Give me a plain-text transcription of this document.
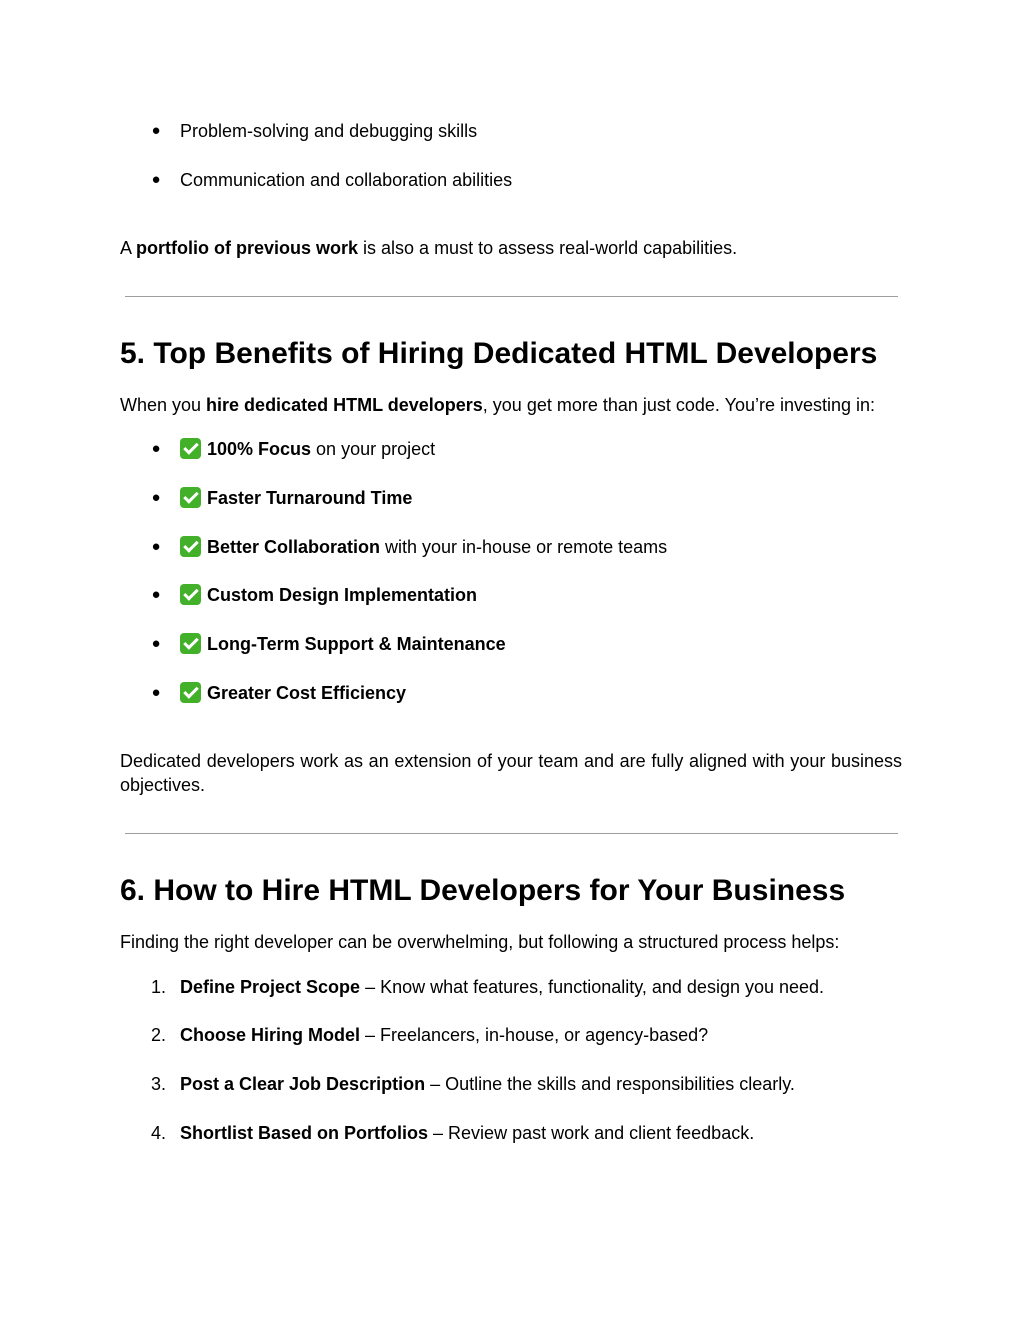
● Problem-solving and debugging skills
● Communication and collaboration abilities
A portfolio of previous work is also a must to assess real-world capabilities.
5. Top Benefits of Hiring Dedicated HTML Developers
When you hire dedicated HTML developers, you get more than just code. You’re investing in:
●	100% Focus on your project
●	Faster Turnaround Time
●	Better Collaboration with your in-house or remote teams
●	Custom Design Implementation
●	Long-Term Support & Maintenance
●	Greater Cost Efficiency
Dedicated developers work as an extension of your team and are fully aligned with your business objectives.
6. How to Hire HTML Developers for Your Business
Finding the right developer can be overwhelming, but following a structured process helps:
1. Define Project Scope – Know what features, functionality, and design you need.
2. Choose Hiring Model – Freelancers, in-house, or agency-based?
3. Post a Clear Job Description – Outline the skills and responsibilities clearly.
4. Shortlist Based on Portfolios – Review past work and client feedback.
